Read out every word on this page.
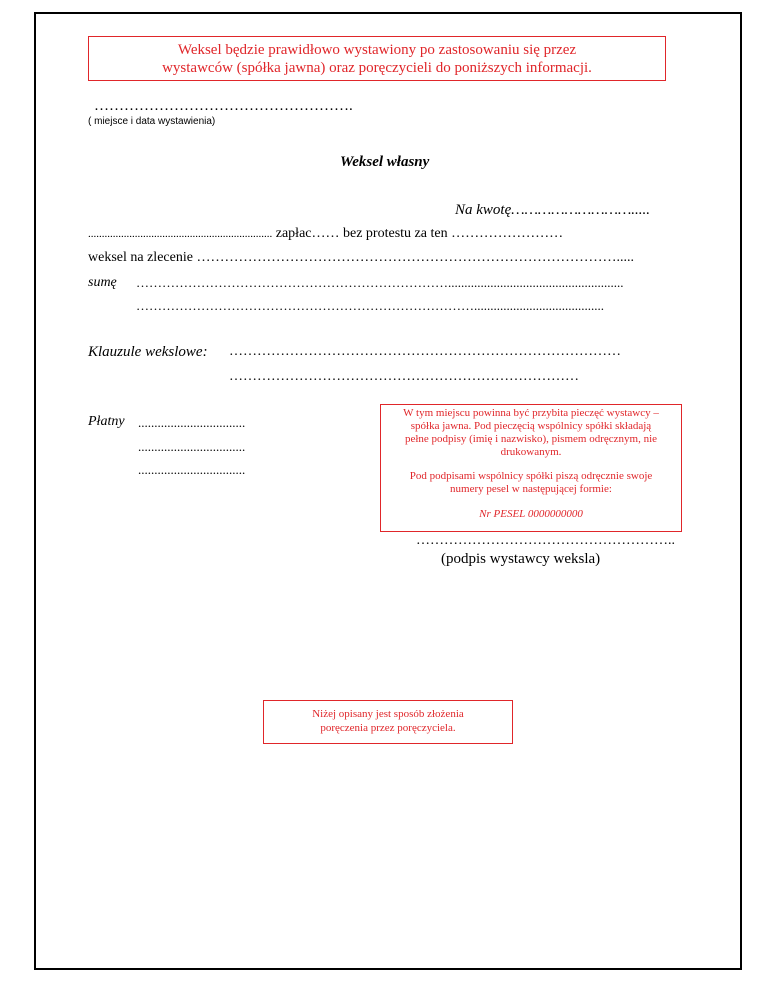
Weksel będzie prawidłowo wystawiony po zastosowaniu się przez
wystawców (spółka jawna) oraz poręczycieli do poniższych informacji.
…………………………………………….
( miejsce i data wystawienia)
Weksel własny
Na kwotę……………………….....
................................................................... zapłac…… bez protestu za ten ……………………
weksel na zlecenie ……………………………………………………………………………….....
sumę ………………………………………………………………......................................................
……………………………………………………………………........................................
Klauzule wekslowe: …………………………………………………………………………
…………………………………………………………………
Płatny .................................
.................................
.................................
W tym miejscu powinna być przybita pieczęć wystawcy –
spółka jawna. Pod pieczęcią wspólnicy spółki składają
pełne podpisy (imię i nazwisko), pismem odręcznym, nie
drukowanym.
Pod podpisami wspólnicy spółki piszą odręcznie swoje
numery pesel w następującej formie:
Nr PESEL 0000000000
………………………………………………..
(podpis wystawcy weksla)
Niżej opisany jest sposób złożenia
poręczenia przez poręczyciela.
